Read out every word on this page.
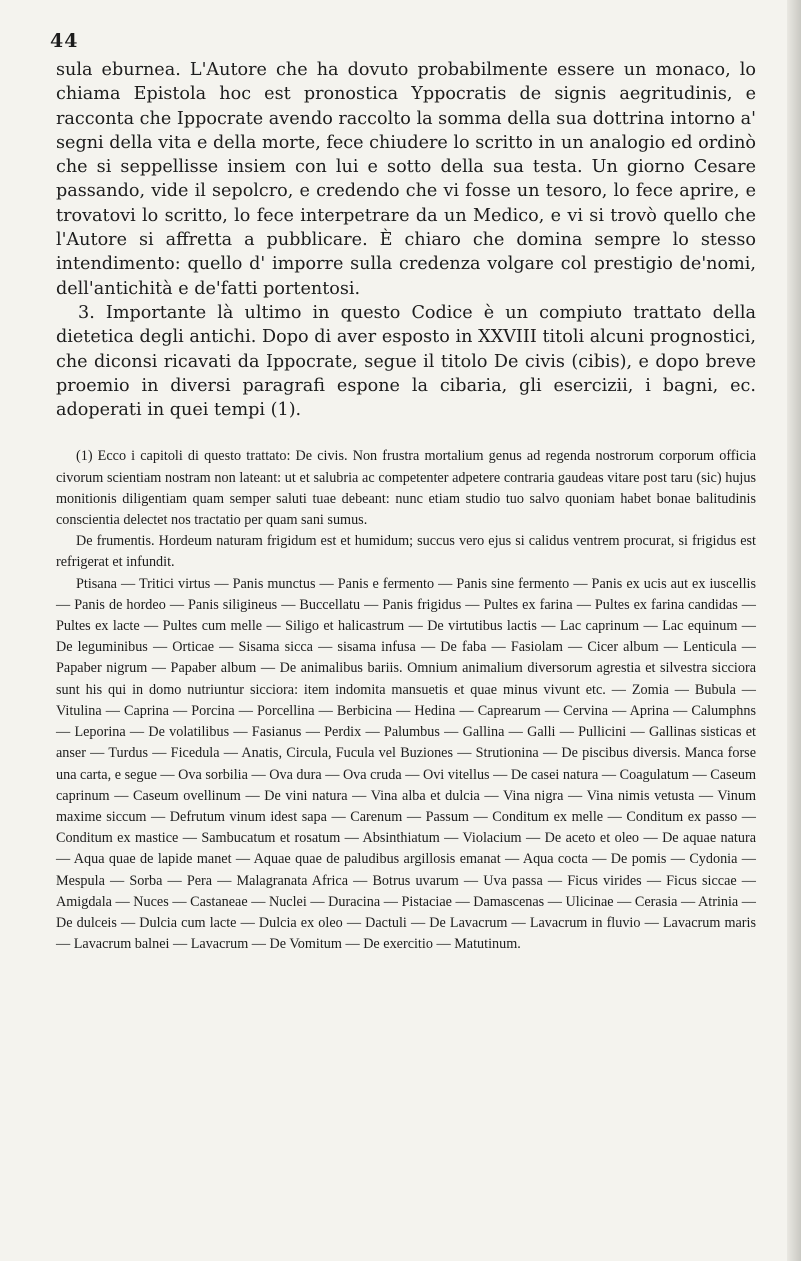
44

sula eburnea. L'Autore che ha dovuto probabilmente essere un monaco, lo chiama Epistola hoc est pronostica Yppocratis de signis aegritudinis, e racconta che Ippocrate avendo raccolto la somma della sua dottrina intorno a' segni della vita e della morte, fece chiudere lo scritto in un analogio ed ordinò che si seppellisse insiem con lui e sotto della sua testa. Un giorno Cesare passando, vide il sepolcro, e credendo che vi fosse un tesoro, lo fece aprire, e trovatovi lo scritto, lo fece interpetrare da un Medico, e vi si trovò quello che l'Autore si affretta a pubblicare. È chiaro che domina sempre lo stesso intendimento: quello d' imporre sulla credenza volgare col prestigio de'nomi, dell'antichità e de'fatti portentosi.

3. Importante là ultimo in questo Codice è un compiuto trattato della dietetica degli antichi. Dopo di aver esposto in XXVIII titoli alcuni prognostici, che diconsi ricavati da Ippocrate, segue il titolo De civis (cibis), e dopo breve proemio in diversi paragrafi espone la cibaria, gli esercizii, i bagni, ec. adoperati in quei tempi (1).

(1) Ecco i capitoli di questo trattato: De civis. Non frustra mortalium genus ad regenda nostrorum corporum officia civorum scientiam nostram non lateant: ut et salubria ac competenter adpetere contraria gaudeas vitare post taru (sic) hujus monitionis diligentiam quam semper saluti tuae debeant: nunc etiam studio tuo salvo quoniam habet bonae balitudinis conscientia delectet nos tractatio per quam sani sumus.

De frumentis. Hordeum naturam frigidum est et humidum; succus vero ejus si calidus ventrem procurat, si frigidus est refrigerat et infundit.

Ptisana — Tritici virtus — Panis munctus — Panis e fermento — Panis sine fermento — Panis ex ucis aut ex iuscellis — Panis de hordeo — Panis siligineus — Buccellatu — Panis frigidus — Pultes ex farina — Pultes ex farina candidas — Pultes ex lacte — Pultes cum melle — Siligo et halicastrum — De virtutibus lactis — Lac caprinum — Lac equinum — De leguminibus — Orticae — Sisama sicca — sisama infusa — De faba — Fasiolam — Cicer album — Lenticula — Papaber nigrum — Papaber album — De animalibus bariis. Omnium animalium diversorum agrestia et silvestra sicciora sunt his qui in domo nutriuntur sicciora: item indomita mansuetis et quae minus vivunt etc. — Zomia — Bubula — Vitulina — Caprina — Porcina — Porcellina — Berbicina — Hedina — Caprearum — Cervina — Aprina — Calumphns — Leporina — De volatilibus — Fasianus — Perdix — Palumbus — Gallina — Galli — Pullicini — Gallinas sisticas et anser — Turdus — Ficedula — Anatis, Circula, Fucula vel Buziones — Strutionina — De piscibus diversis. Manca forse una carta, e segue — Ova sorbilia — Ova dura — Ova cruda — Ovi vitellus — De casei natura — Coagulatum — Caseum caprinum — Caseum ovellinum — De vini natura — Vina alba et dulcia — Vina nigra — Vina nimis vetusta — Vinum maxime siccum — Defrutum vinum idest sapa — Carenum — Passum — Conditum ex melle — Conditum ex passo — Conditum ex mastice — Sambucatum et rosatum — Absinthiatum — Violacium — De aceto et oleo — De aquae natura — Aqua quae de lapide manet — Aquae quae de paludibus argillosis emanat — Aqua cocta — De pomis — Cydonia — Mespula — Sorba — Pera — Malagranata Africa — Botrus uvarum — Uva passa — Ficus virides — Ficus siccae — Amigdala — Nuces — Castaneae — Nuclei — Duracina — Pistaciae — Damascenas — Ulicinae — Cerasia — Atrinia — De dulceis — Dulcia cum lacte — Dulcia ex oleo — Dactuli — De Lavacrum — Lavacrum in fluvio — Lavacrum maris — Lavacrum balnei — Lavacrum — De Vomitum — De exercitio — Matutinum.
